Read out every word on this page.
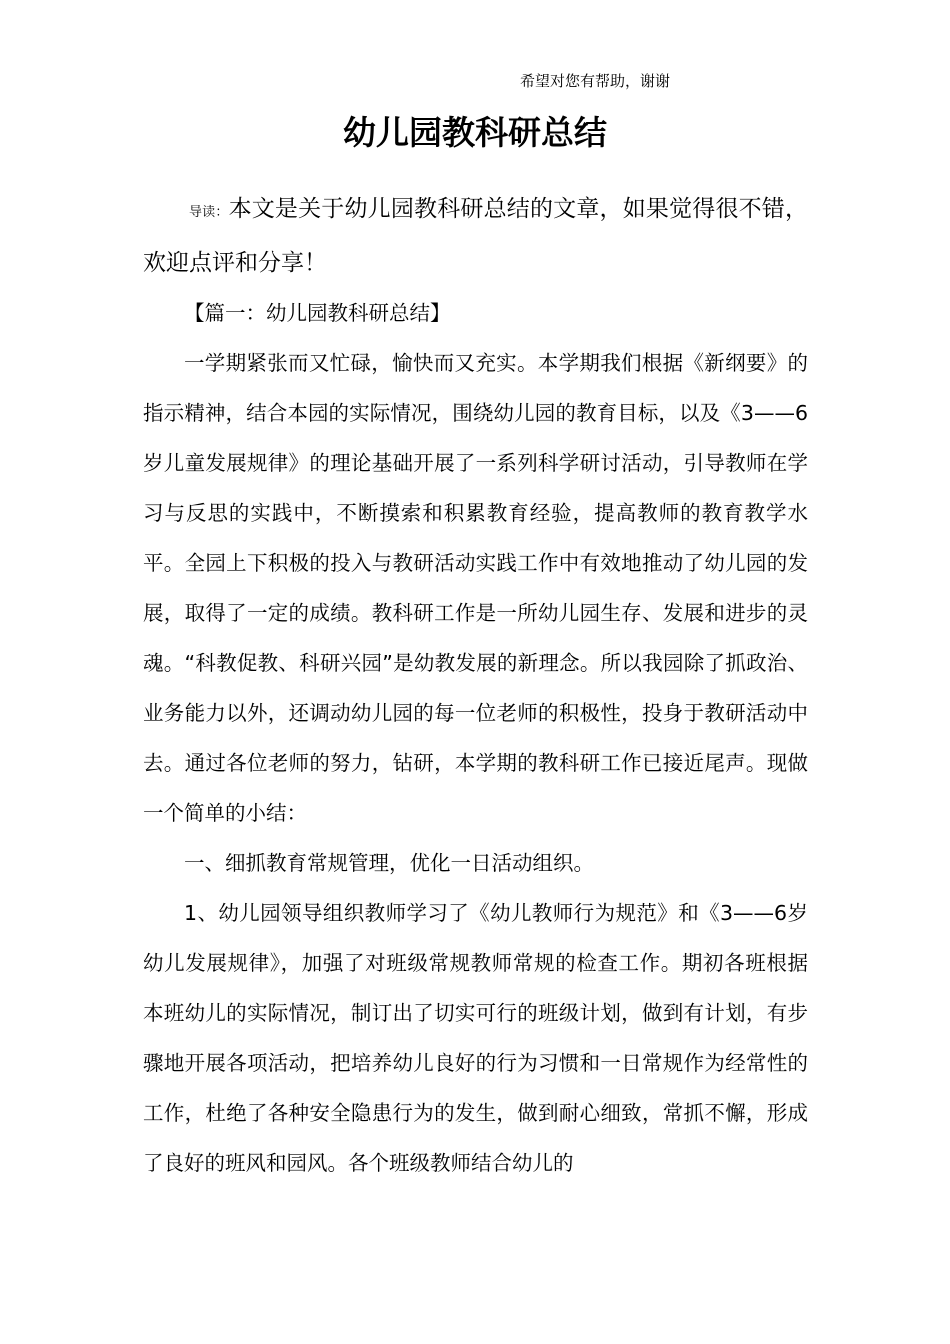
希望对您有帮助，谢谢
幼儿园教科研总结

导读：本文是关于幼儿园教科研总结的文章，如果觉得很不错，欢迎点评和分享！

【篇一：幼儿园教科研总结】

一学期紧张而又忙碌，愉快而又充实。本学期我们根据《新纲要》的指示精神，结合本园的实际情况，围绕幼儿园的教育目标，以及《3——6岁儿童发展规律》的理论基础开展了一系列科学研讨活动，引导教师在学习与反思的实践中，不断摸索和积累教育经验，提高教师的教育教学水平。全园上下积极的投入与教研活动实践工作中有效地推动了幼儿园的发展，取得了一定的成绩。教科研工作是一所幼儿园生存、发展和进步的灵魂。“科教促教、科研兴园”是幼教发展的新理念。所以我园除了抓政治、业务能力以外，还调动幼儿园的每一位老师的积极性，投身于教研活动中去。通过各位老师的努力，钻研，本学期的教科研工作已接近尾声。现做一个简单的小结：

一、细抓教育常规管理，优化一日活动组织。

1、幼儿园领导组织教师学习了《幼儿教师行为规范》和《3——6岁幼儿发展规律》，加强了对班级常规教师常规的检查工作。期初各班根据本班幼儿的实际情况，制订出了切实可行的班级计划，做到有计划，有步骤地开展各项活动，把培养幼儿良好的行为习惯和一日常规作为经常性的工作，杜绝了各种安全隐患行为的发生，做到耐心细致，常抓不懈，形成了良好的班风和园风。各个班级教师结合幼儿的
